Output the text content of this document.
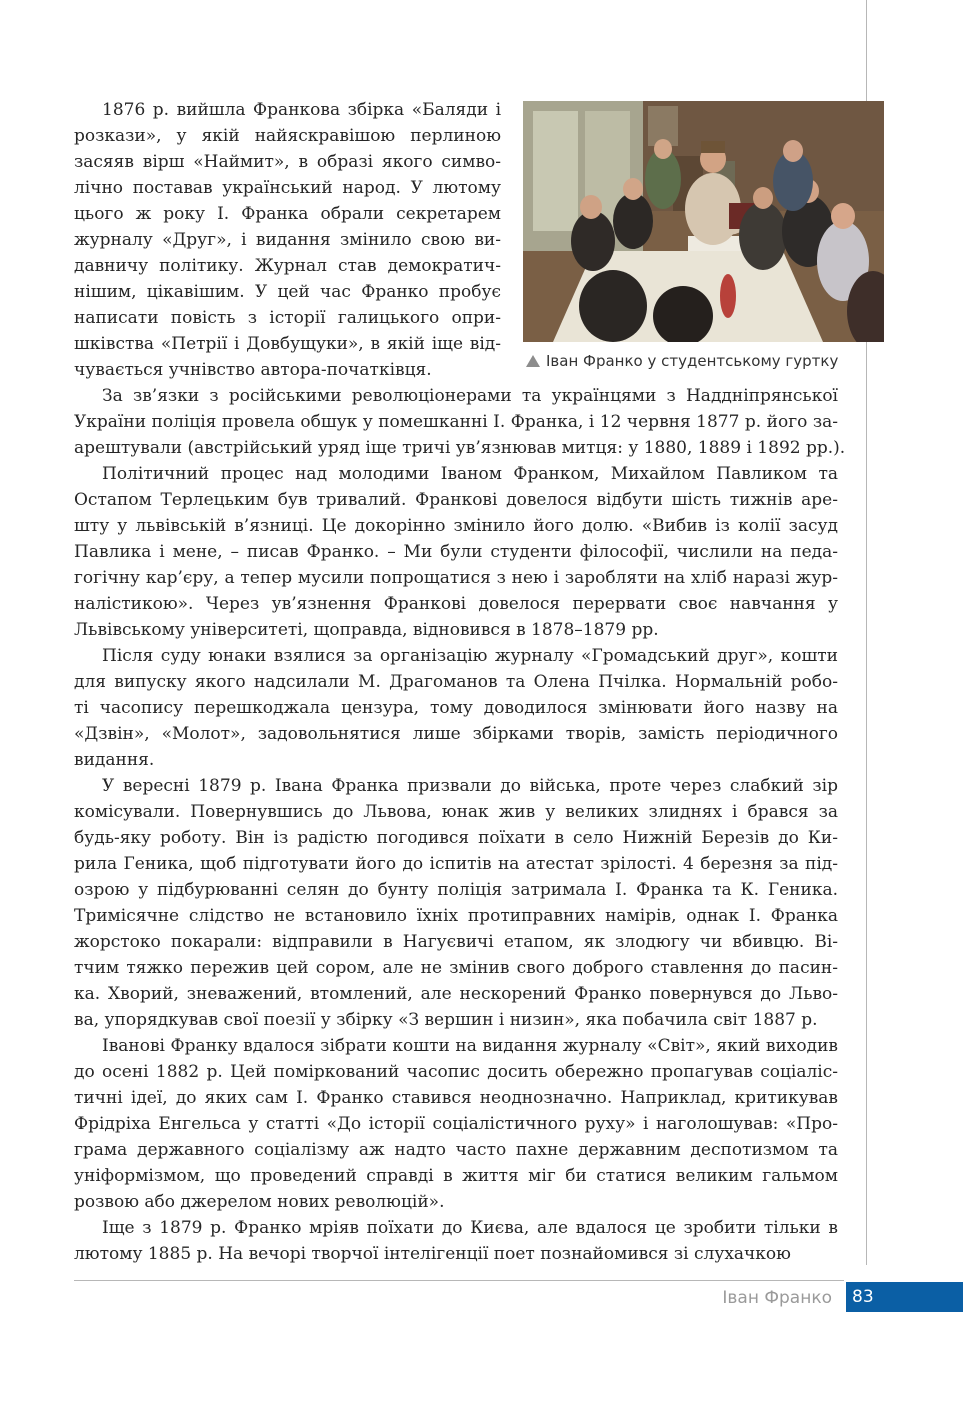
1876 р. вийшла Франкова збірка «Баляди і
розкази», у якій найяскравішою перлиною
засяяв вірш «Наймит», в образі якого симво-
лічно поставав український народ. У лютому
цього ж року І. Франка обрали секретарем
журналу «Друг», і видання змінило свою ви-
давничу політику. Журнал став демократич-
нішим, цікавішим. У цей час Франко пробує
написати повість з історії галицького опри-
шківства «Петрії і Довбущуки», в якій іще від-
чувається учнівство автора-початківця.	Іван Франко у студентському гуртку
За зв’язки з російськими революціонерами та українцями з Наддніпрянської
України поліція провела обшук у помешканні І. Франка, і 12 червня 1877 р. його за-
арештували (австрійський уряд іще тричі ув’язнював митця: у 1880, 1889 і 1892 рр.).
Політичний процес над молодими Іваном Франком, Михайлом Павликом та
Остапом Терлецьким був тривалий. Франкові довелося відбути шість тижнів аре-
шту у львівській в’язниці. Це докорінно змінило його долю. «Вибив із колії засуд
Павлика і мене, – писав Франко. – Ми були студенти філософії, числили на педа-
гогічну кар’єру, а тепер мусили попрощатися з нею і заробляти на хліб наразі жур-
налістикою». Через ув’язнення Франкові довелося перервати своє навчання у
Львівському університеті, щоправда, відновився в 1878–1879 рр.
Після суду юнаки взялися за організацію журналу «Громадський друг», кошти
для випуску якого надсилали М. Драгоманов та Олена Пчілка. Нормальній робо-
ті часопису перешкоджала цензура, тому доводилося змінювати його назву на
«Дзвін», «Молот», задовольнятися лише збірками творів, замість періодичного
видання.
У вересні 1879 р. Івана Франка призвали до війська, проте через слабкий зір
комісували. Повернувшись до Львова, юнак жив у великих злиднях і брався за
будь-яку роботу. Він із радістю погодився поїхати в село Нижній Березів до Ки-
рила Геника, щоб підготувати його до іспитів на атестат зрілості. 4 березня за під-
озрою у підбурюванні селян до бунту поліція затримала І. Франка та К. Геника.
Тримісячне слідство не встановило їхніх протиправних намірів, однак І. Франка
жорстоко покарали: відправили в Нагуєвичі етапом, як злодюгу чи вбивцю. Ві-
тчим тяжко пережив цей сором, але не змінив свого доброго ставлення до пасин-
ка. Хворий, зневажений, втомлений, але нескорений Франко повернувся до Льво-
ва, упорядкував свої поезії у збірку «З вершин і низин», яка побачила світ 1887 р.
Іванові Франку вдалося зібрати кошти на видання журналу «Світ», який виходив
до осені 1882 р. Цей поміркований часопис досить обережно пропагував соціаліс-
тичні ідеї, до яких сам І. Франко ставився неоднозначно. Наприклад, критикував
Фрідріха Енгельса у статті «До історії соціалістичного руху» і наголошував: «Про-
грама державного соціалізму аж надто часто пахне державним деспотизмом та
уніформізмом, що проведений справді в життя міг би статися великим гальмом
розвою або джерелом нових революцій».
Іще з 1879 р. Франко мріяв поїхати до Києва, але вдалося це зробити тільки в
лютому 1885 р. На вечорі творчої інтелігенції поет познайомився зі слухачкою
Іван Франко 83
